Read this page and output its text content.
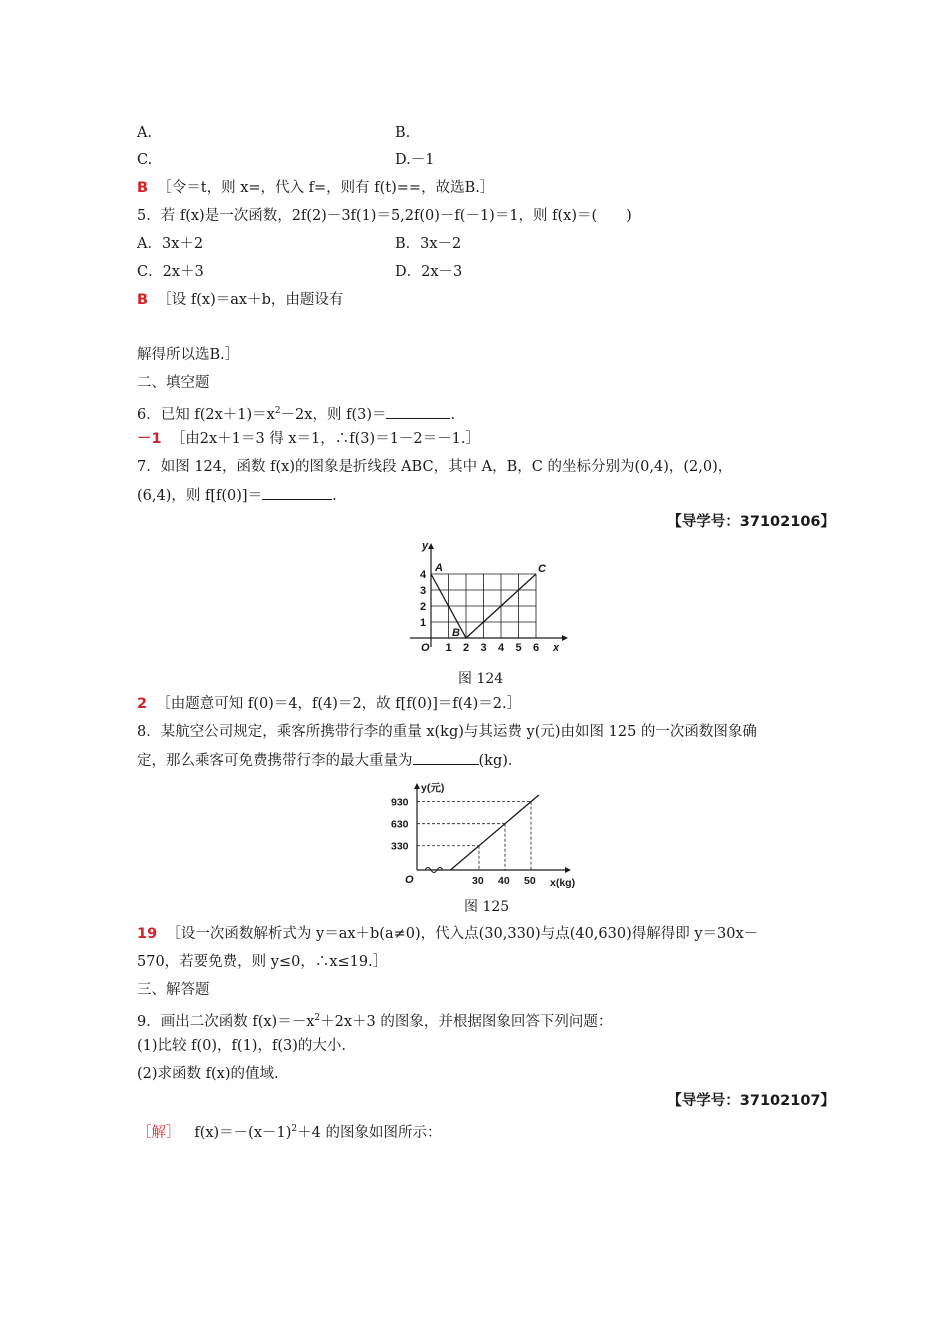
A.	B.
C.	D.－1
B ［令＝t，则 x=，代入 f=，则有 f(t)==，故选B.］
5．若 f(x)是一次函数，2f(2)－3f(1)＝5,2f(0)－f(－1)＝1，则 f(x)＝(　　)
A．3x＋2	B．3x－2
C．2x＋3	D．2x－3
B ［设 f(x)＝ax＋b，由题设有
解得所以选B.］
二、填空题
6．已知 $f(2x+1)=x^2-2x$，则 f(3)＝	.
－1 ［由2x＋1＝3 得 x＝1，∴f(3)＝1－2＝－1.］
7．如图 124，函数 f(x)的图象是折线段 ABC，其中 A，B，C 的坐标分别为(0,4)，(2,0)，
(6,4)，则 f[f(0)]＝	.
【导学号：37102106】
y
x
O 1 2 3 4 5 6
1
2
3
4
A
B
C
图 124
2 ［由题意可知 f(0)＝4，f(4)＝2，故 f[f(0)]＝f(4)＝2.］
8．某航空公司规定，乘客所携带行李的重量 x(kg)与其运费 y(元)由如图 125 的一次函数图象确
定，那么乘客可免费携带行李的最大重量为	(kg)．
y(元)
x(kg)
O	30 40 50
330
630
930
图 125
19 ［设一次函数解析式为 y＝ax＋b(a≠0)，代入点(30,330)与点(40,630)得解得即 y＝30x－
570，若要免费，则 y≤0，∴x≤19.］
三、解答题
9．画出二次函数 $f(x)=-x^2+2x+3$ 的图象，并根据图象回答下列问题：
(1)比较 f(0)，f(1)，f(3)的大小.
(2)求函数 f(x)的值域.
【导学号：37102107】
［解］ $f(x)=-(x-1)^2+4$ 的图象如图所示：
